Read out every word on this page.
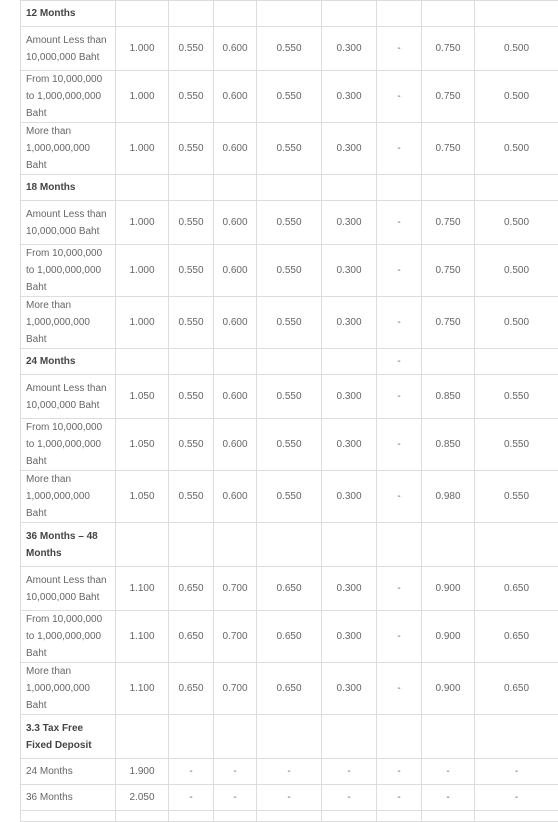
12 Months								
Amount Less than 10,000,000 Baht	1.000	0.550	0.600	0.550	0.300	-	0.750	0.500
From 10,000,000 to 1,000,000,000 Baht	1.000	0.550	0.600	0.550	0.300	-	0.750	0.500
More than 1,000,000,000 Baht	1.000	0.550	0.600	0.550	0.300	-	0.750	0.500
18 Months								
Amount Less than 10,000,000 Baht	1.000	0.550	0.600	0.550	0.300	-	0.750	0.500
From 10,000,000 to 1,000,000,000 Baht	1.000	0.550	0.600	0.550	0.300	-	0.750	0.500
More than 1,000,000,000 Baht	1.000	0.550	0.600	0.550	0.300	-	0.750	0.500
24 Months						-		
Amount Less than 10,000,000 Baht	1.050	0.550	0.600	0.550	0.300	-	0.850	0.550
From 10,000,000 to 1,000,000,000 Baht	1.050	0.550	0.600	0.550	0.300	-	0.850	0.550
More than 1,000,000,000 Baht	1.050	0.550	0.600	0.550	0.300	-	0.980	0.550
36 Months – 48 Months								
Amount Less than 10,000,000 Baht	1.100	0.650	0.700	0.650	0.300	-	0.900	0.650
From 10,000,000 to 1,000,000,000 Baht	1.100	0.650	0.700	0.650	0.300	-	0.900	0.650
More than 1,000,000,000 Baht	1.100	0.650	0.700	0.650	0.300	-	0.900	0.650
3.3 Tax Free Fixed Deposit								
24 Months	1.900	-	-	-	-	-	-	-
36 Months	2.050	-	-	-	-	-	-	-
